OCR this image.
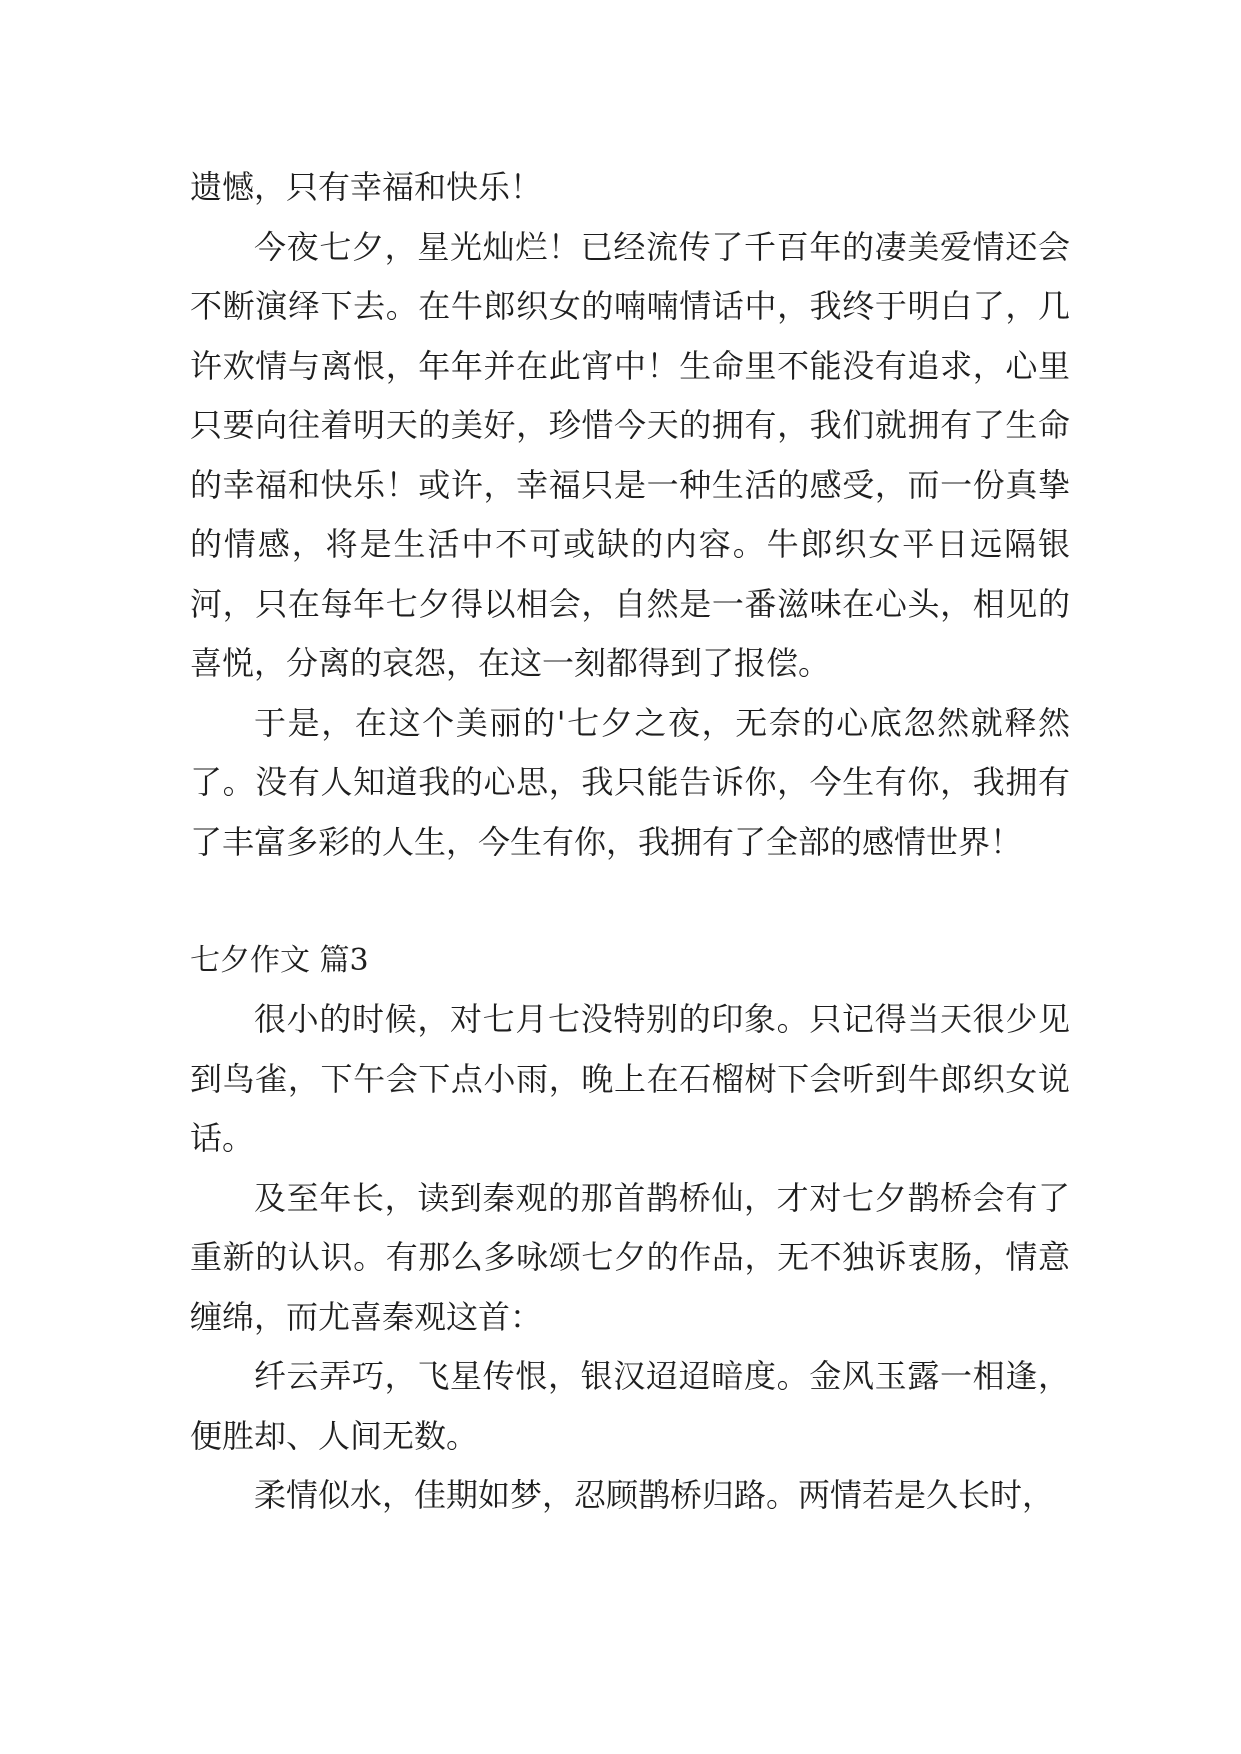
遗憾，只有幸福和快乐！

今夜七夕，星光灿烂！已经流传了千百年的凄美爱情还会不断演绎下去。在牛郎织女的喃喃情话中，我终于明白了，几许欢情与离恨，年年并在此宵中！生命里不能没有追求，心里只要向往着明天的美好，珍惜今天的拥有，我们就拥有了生命的幸福和快乐！或许，幸福只是一种生活的感受，而一份真挚的情感，将是生活中不可或缺的内容。牛郎织女平日远隔银河，只在每年七夕得以相会，自然是一番滋味在心头，相见的喜悦，分离的哀怨，在这一刻都得到了报偿。

于是，在这个美丽的'七夕之夜，无奈的心底忽然就释然了。没有人知道我的心思，我只能告诉你，今生有你，我拥有了丰富多彩的人生，今生有你，我拥有了全部的感情世界！

七夕作文 篇3

很小的时候，对七月七没特别的印象。只记得当天很少见到鸟雀，下午会下点小雨，晚上在石榴树下会听到牛郎织女说话。

及至年长，读到秦观的那首鹊桥仙，才对七夕鹊桥会有了重新的认识。有那么多咏颂七夕的作品，无不独诉衷肠，情意缠绵，而尤喜秦观这首：

纤云弄巧，飞星传恨，银汉迢迢暗度。金风玉露一相逢，便胜却、人间无数。

柔情似水，佳期如梦，忍顾鹊桥归路。两情若是久长时，
